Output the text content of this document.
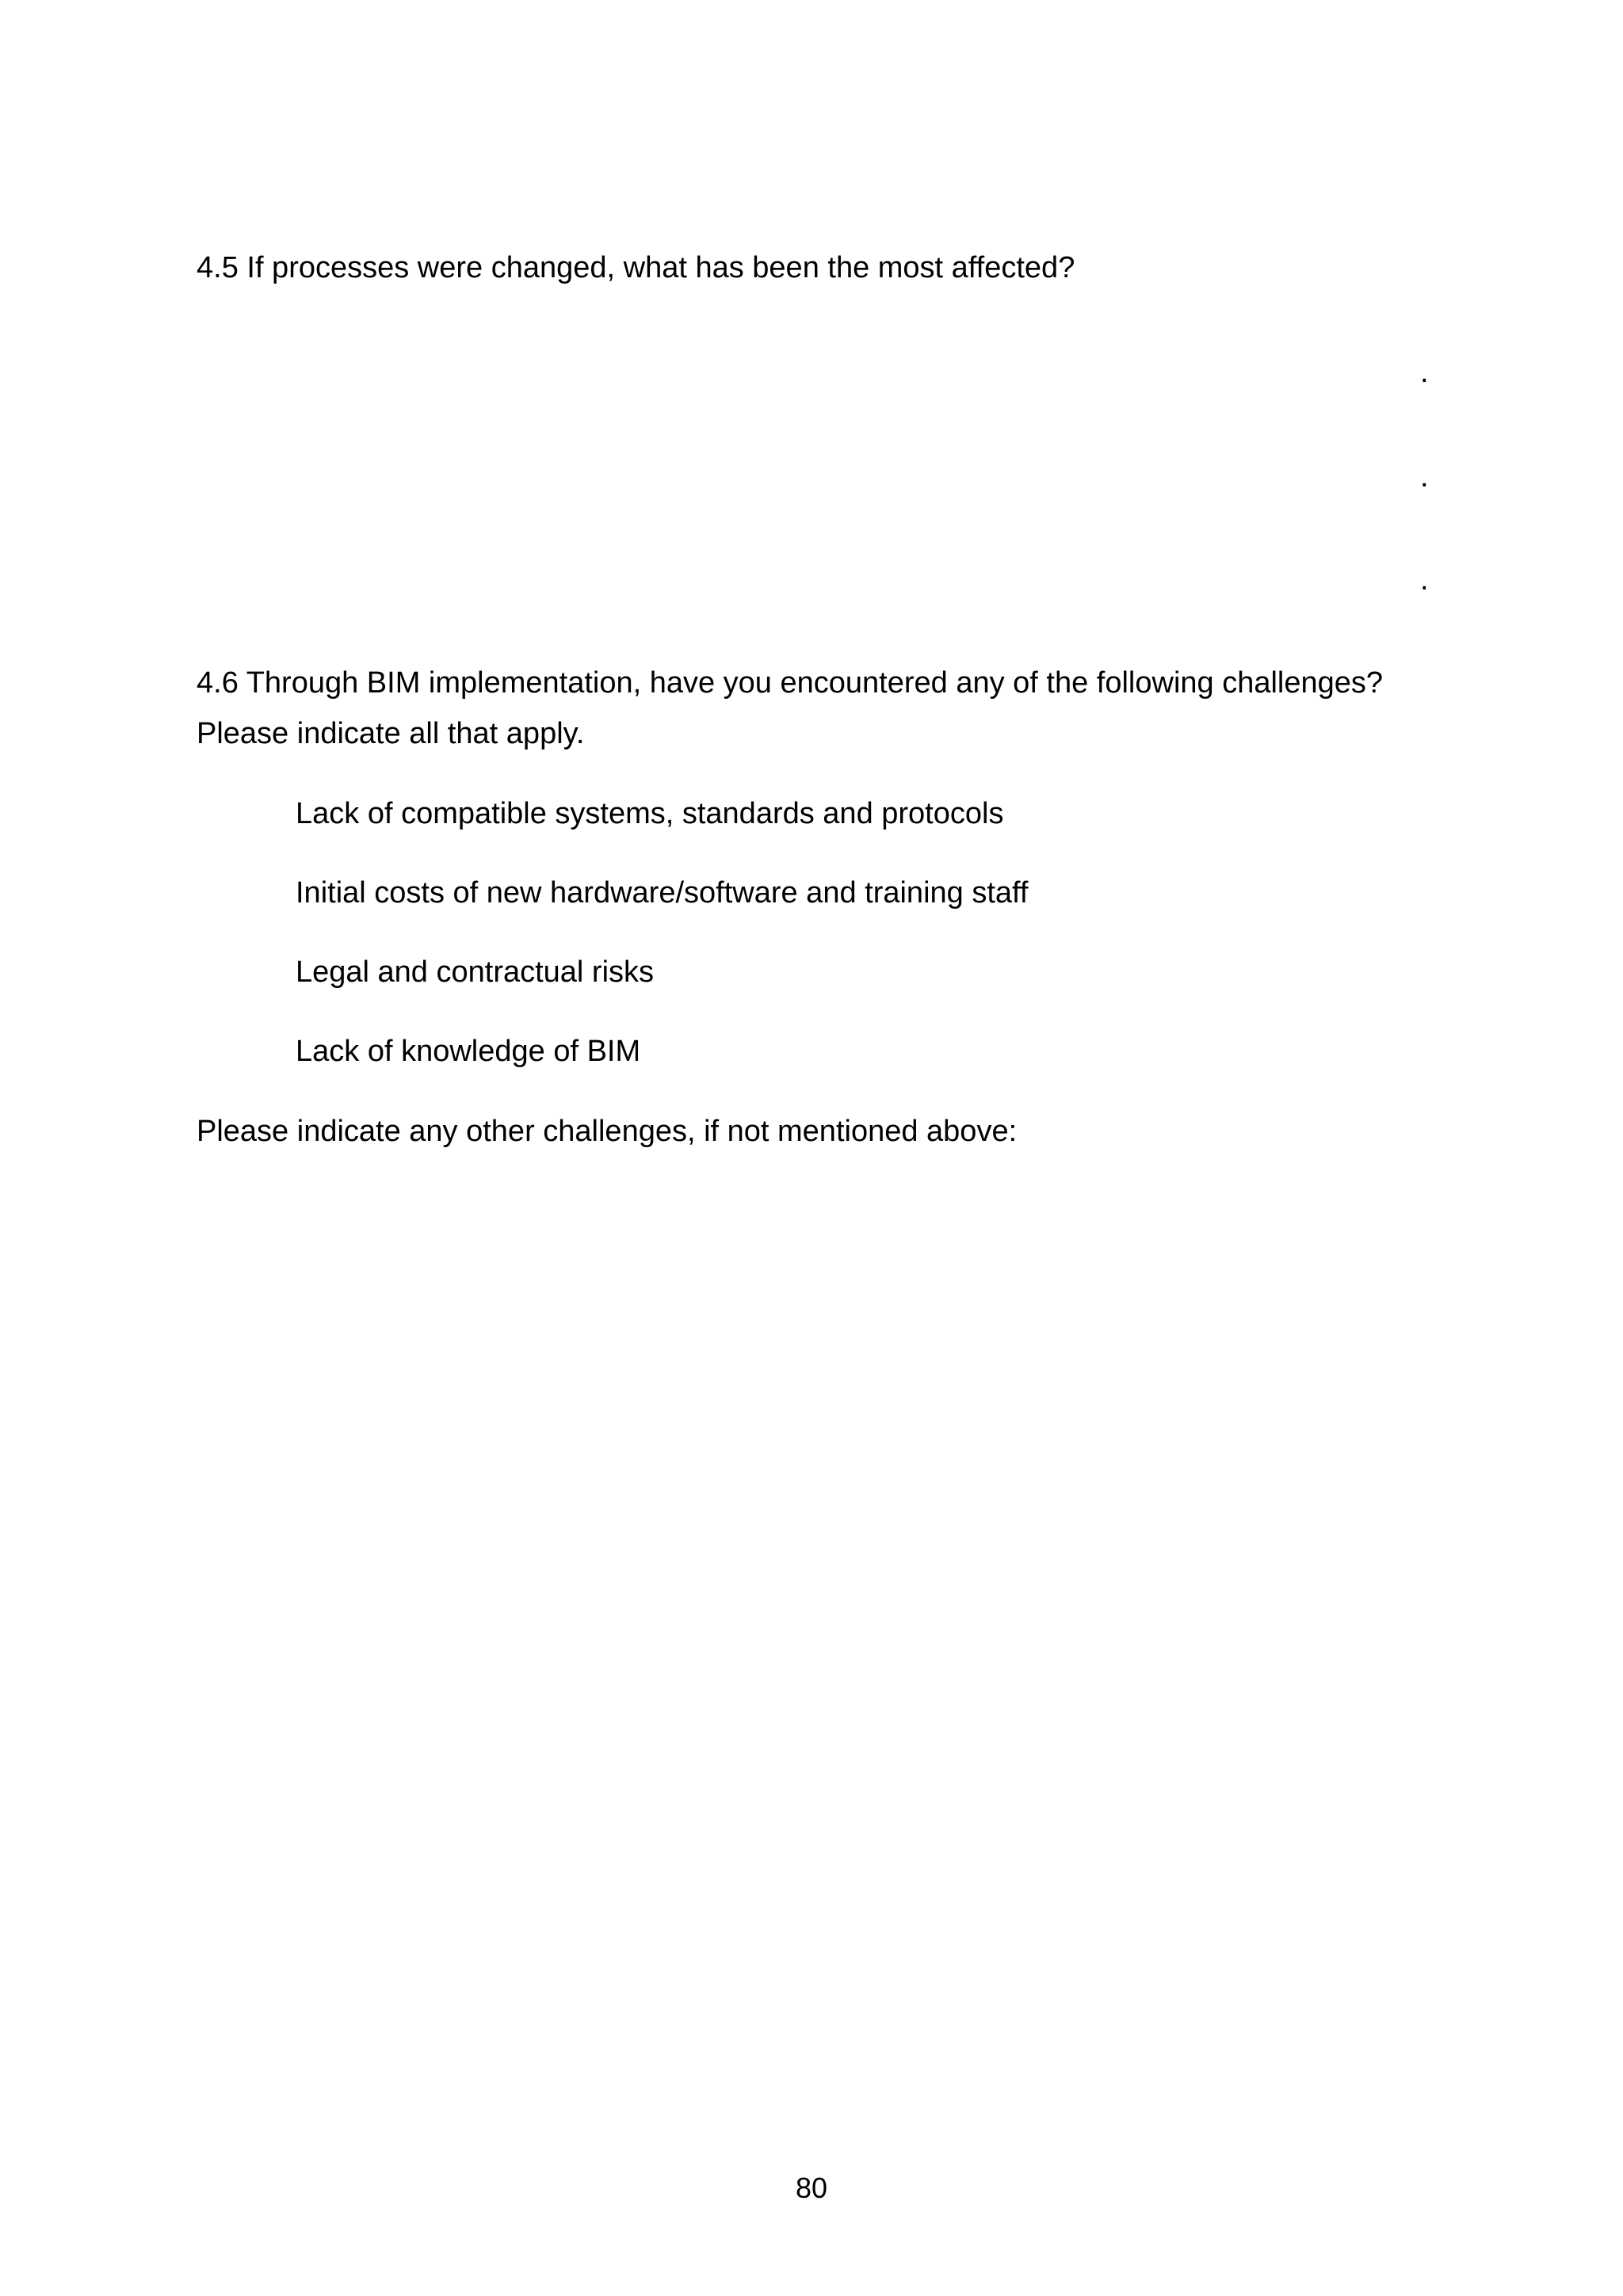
4.5 If processes were changed, what has been the most affected?
.
.
.
4.6 Through BIM implementation, have you encountered any of the following challenges?
Please indicate all that apply.
Lack of compatible systems, standards and protocols
Initial costs of new hardware/software and training staff
Legal and contractual risks
Lack of knowledge of BIM
Please indicate any other challenges, if not mentioned above:
80
